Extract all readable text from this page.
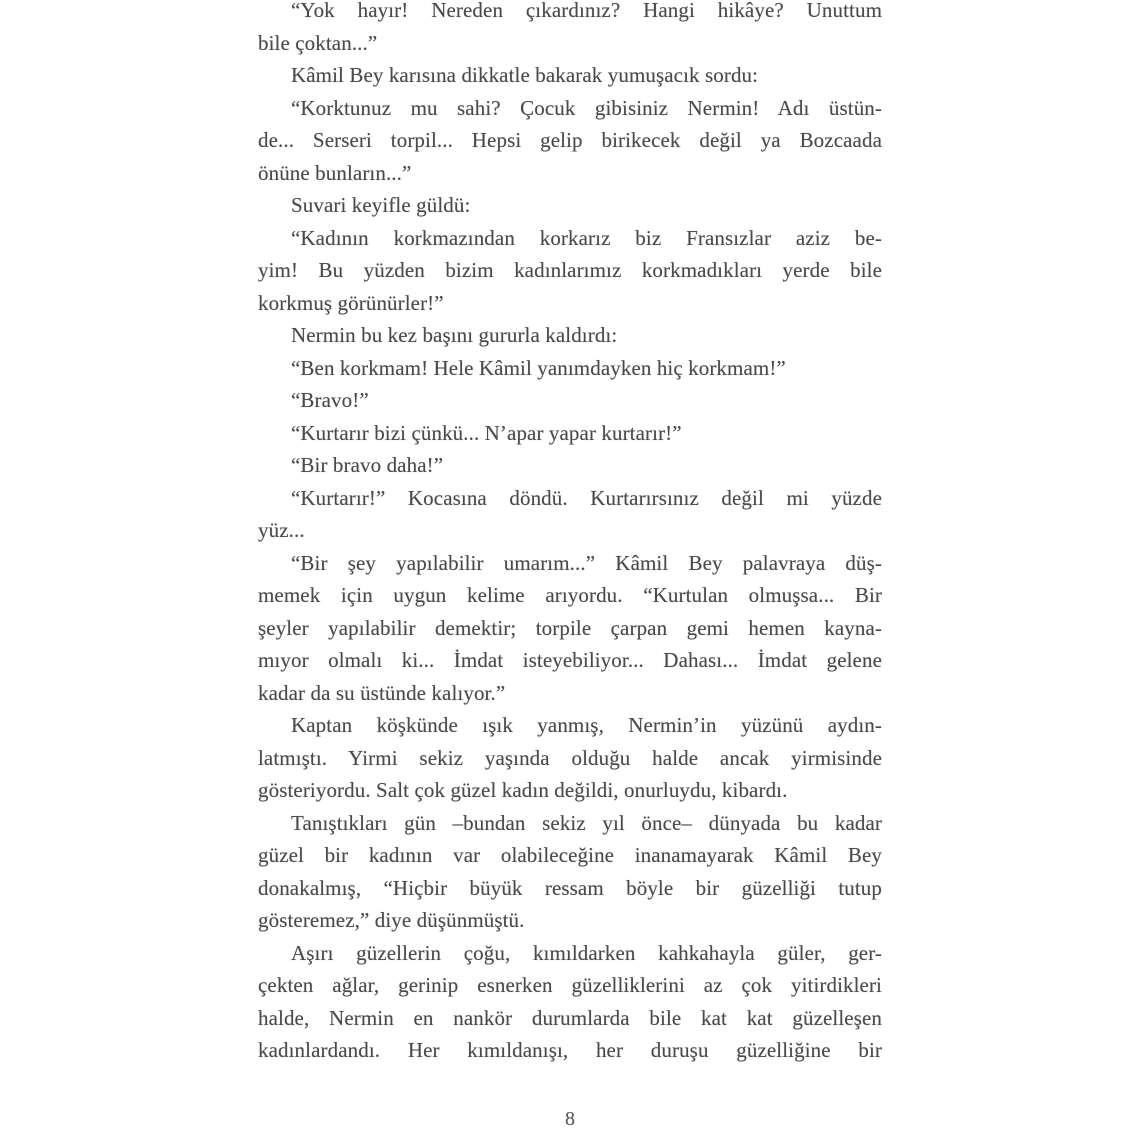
“Yok hayır! Nereden çıkardınız? Hangi hikâye? Unuttum
bile çoktan...”
Kâmil Bey karısına dikkatle bakarak yumuşacık sordu:
“Korktunuz mu sahi? Çocuk gibisiniz Nermin! Adı üstün-
de... Serseri torpil... Hepsi gelip birikecek değil ya Bozcaada
önüne bunların...”
Suvari keyifle güldü:
“Kadının korkmazından korkarız biz Fransızlar aziz be-
yim! Bu yüzden bizim kadınlarımız korkmadıkları yerde bile
korkmuş görünürler!”
Nermin bu kez başını gururla kaldırdı:
“Ben korkmam! Hele Kâmil yanımdayken hiç korkmam!”
“Bravo!”
“Kurtarır bizi çünkü... N’apar yapar kurtarır!”
“Bir bravo daha!”
“Kurtarır!” Kocasına döndü. Kurtarırsınız değil mi yüzde
yüz...
“Bir şey yapılabilir umarım...” Kâmil Bey palavraya düş-
memek için uygun kelime arıyordu. “Kurtulan olmuşsa... Bir
şeyler yapılabilir demektir; torpile çarpan gemi hemen kayna-
mıyor olmalı ki... İmdat isteyebiliyor... Dahası... İmdat gelene
kadar da su üstünde kalıyor.”
Kaptan köşkünde ışık yanmış, Nermin’in yüzünü aydın-
latmıştı. Yirmi sekiz yaşında olduğu halde ancak yirmisinde
gösteriyordu. Salt çok güzel kadın değildi, onurluydu, kibardı.
Tanıştıkları gün –bundan sekiz yıl önce– dünyada bu kadar
güzel bir kadının var olabileceğine inanamayarak Kâmil Bey
donakalmış, “Hiçbir büyük ressam böyle bir güzelliği tutup
gösteremez,” diye düşünmüştü.
Aşırı güzellerin çoğu, kımıldarken kahkahayla güler, ger-
çekten ağlar, gerinip esnerken güzelliklerini az çok yitirdikleri
halde, Nermin en nankör durumlarda bile kat kat güzelleşen
kadınlardandı. Her kımıldanışı, her duruşu güzelliğine bir
8
